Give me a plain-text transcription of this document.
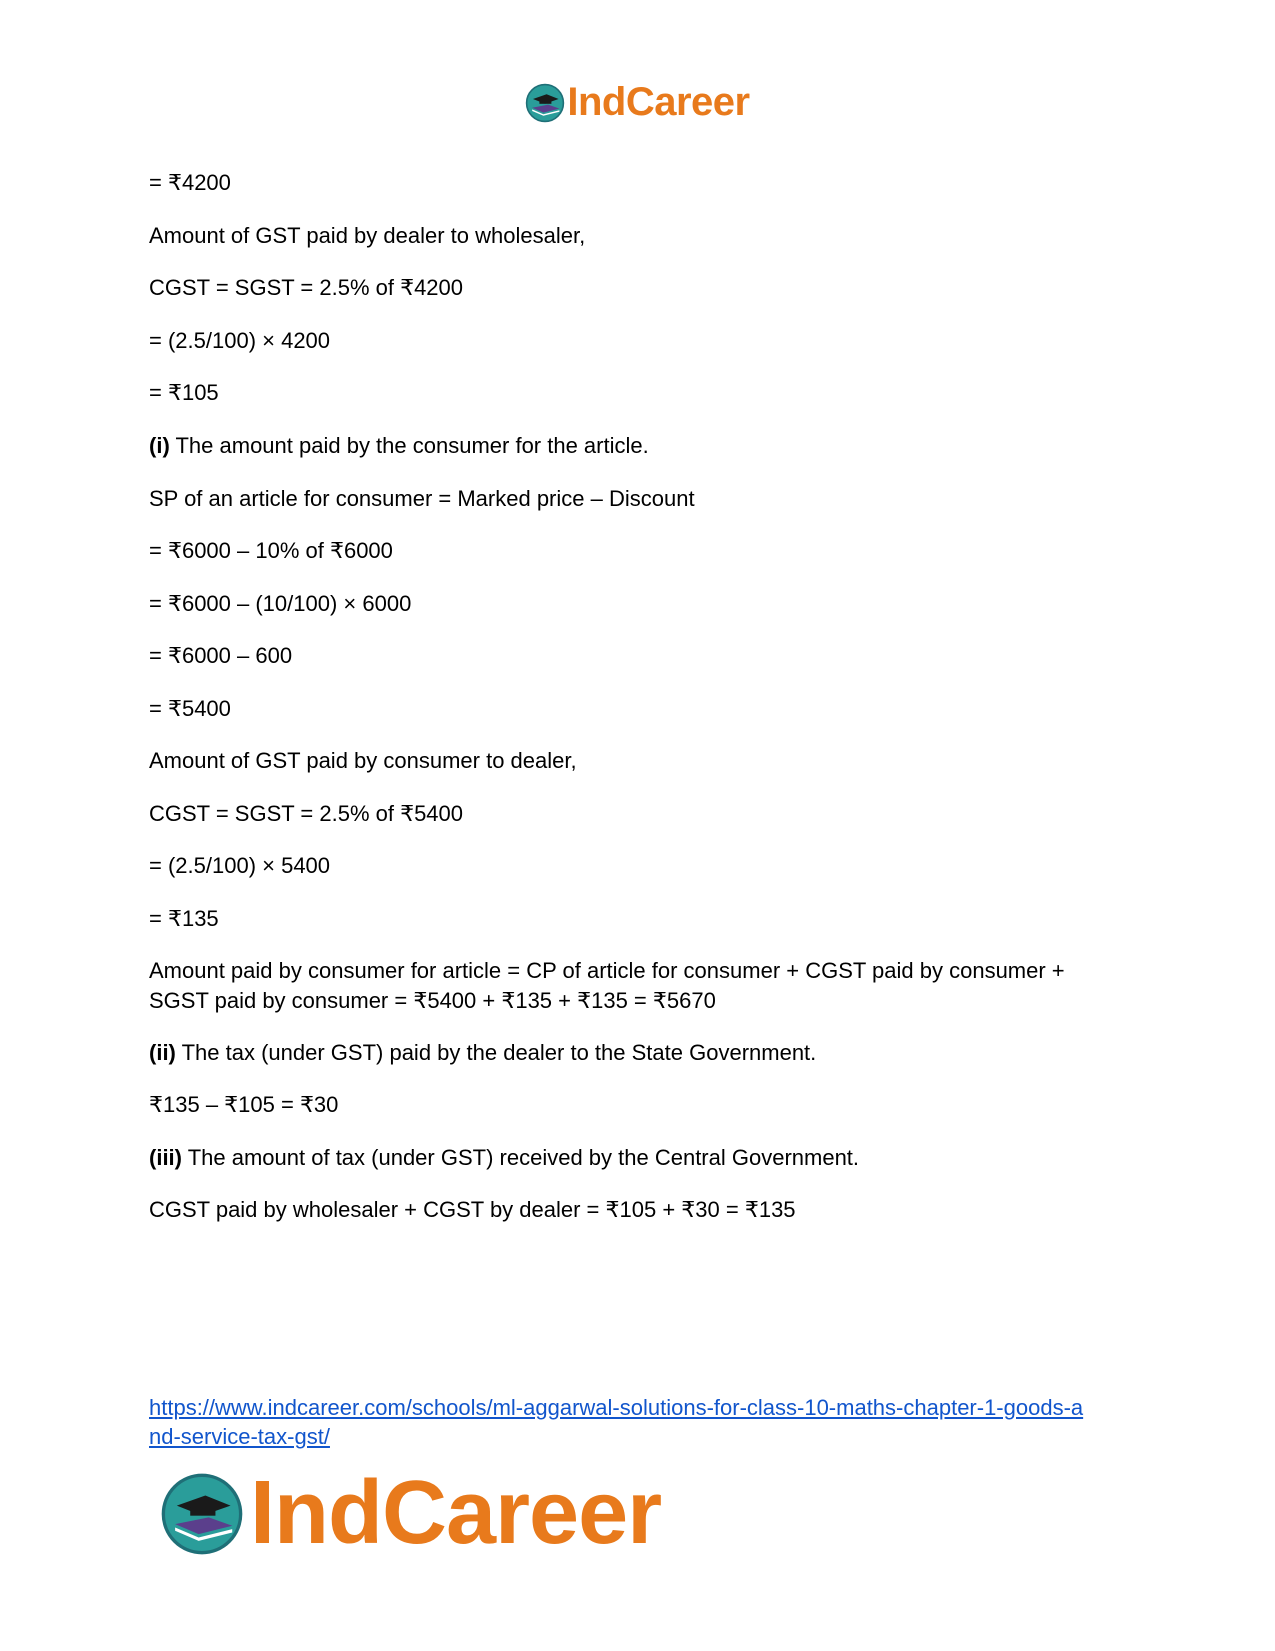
IndCareer
= ₹4200
Amount of GST paid by dealer to wholesaler,
CGST = SGST = 2.5% of ₹4200
= (2.5/100) × 4200
= ₹105
(i) The amount paid by the consumer for the article.
SP of an article for consumer = Marked price – Discount
= ₹6000 – 10% of ₹6000
= ₹6000 – (10/100) × 6000
= ₹6000 – 600
= ₹5400
Amount of GST paid by consumer to dealer,
CGST = SGST = 2.5% of ₹5400
= (2.5/100) × 5400
= ₹135
Amount paid by consumer for article = CP of article for consumer + CGST paid by consumer +
SGST paid by consumer = ₹5400 + ₹135 + ₹135 = ₹5670
(ii) The tax (under GST) paid by the dealer to the State Government.
₹135 – ₹105 = ₹30
(iii) The amount of tax (under GST) received by the Central Government.
CGST paid by wholesaler + CGST by dealer = ₹105 + ₹30 = ₹135
https://www.indcareer.com/schools/ml-aggarwal-solutions-for-class-10-maths-chapter-1-goods-a
nd-service-tax-gst/
IndCareer
